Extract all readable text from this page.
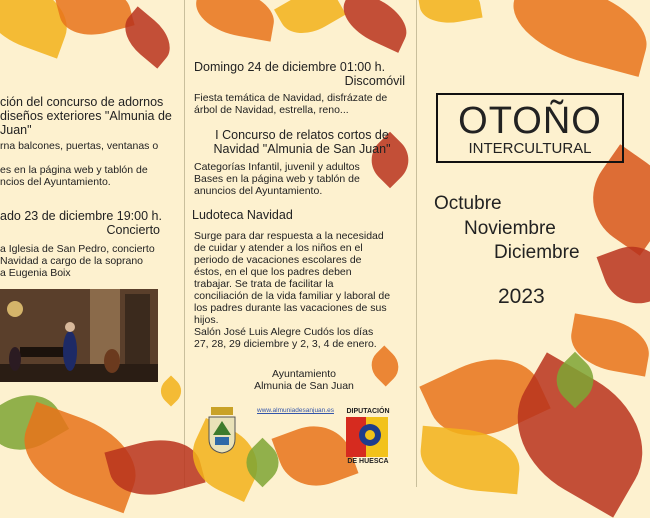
ción del concurso de adornos
diseños exteriores "Almunia de
Juan"
rna balcones, puertas, ventanas o

es en la página web y tablón de
ncios del Ayuntamiento.
ado 23 de diciembre 19:00 h.
Concierto
a Iglesia de San Pedro, concierto
Navidad a cargo de la soprano
a Eugenia Boix
Domingo 24 de diciembre 01:00 h.
Discomóvil
Fiesta temática de Navidad, disfrázate de
árbol de Navidad, estrella, reno...
I Concurso de relatos cortos de
Navidad "Almunia de San Juan"
Categorías Infantil, juvenil y adultos
Bases en la página web y tablón de
anuncios del Ayuntamiento.
Ludoteca Navidad
Surge para dar respuesta a la necesidad
de cuidar y atender a los niños en el
periodo de vacaciones escolares de
éstos, en el que los padres deben
trabajar. Se trata de facilitar la
conciliación de la vida familiar y laboral de
los padres durante las vacaciones de sus
hijos.
Salón José Luis Alegre Cudós los días
27, 28, 29 diciembre y 2, 3, 4 de enero.
Ayuntamiento
Almunia de San Juan
www.almuniadesanjuan.es	DIPUTACIÓN
DE HUESCA
OTOÑO
INTERCULTURAL
Octubre
Noviembre
Diciembre
2023
